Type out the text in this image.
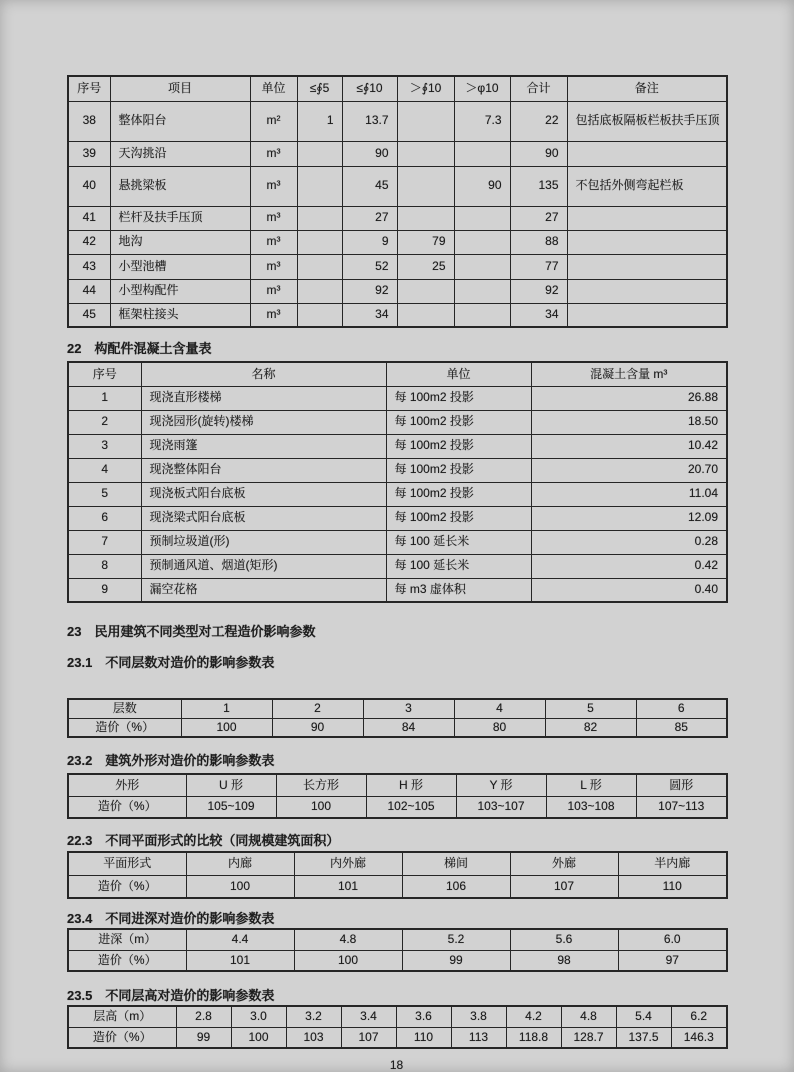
序号	项目	单位	≤∮5	≤∮10	＞∮10	＞φ10	合计	备注
38	整体阳台	m²	1	13.7		7.3	22	包括底板隔板栏板扶手压顶
39	天沟挑沿	m³		90			90	
40	悬挑梁板	m³		45		90	135	不包括外侧弯起栏板
41	栏杆及扶手压顶	m³		27			27	
42	地沟	m³		9	79		88	
43	小型池槽	m³		52	25		77	
44	小型构配件	m³		92			92	
45	框架柱接头	m³		34			34	
22 构配件混凝土含量表
序号	名称	单位	混凝土含量 m³
1	现浇直形楼梯	每 100m2 投影	26.88
2	现浇园形(旋转)楼梯	每 100m2 投影	18.50
3	现浇雨篷	每 100m2 投影	10.42
4	现浇整体阳台	每 100m2 投影	20.70
5	现浇板式阳台底板	每 100m2 投影	11.04
6	现浇梁式阳台底板	每 100m2 投影	12.09
7	预制垃圾道(形)	每 100 延长米	0.28
8	预制通风道、烟道(矩形)	每 100 延长米	0.42
9	漏空花格	每 m3 虚体积	0.40
23 民用建筑不同类型对工程造价影响参数
23.1 不同层数对造价的影响参数表
层数	1	2	3	4	5	6
造价（%）	100	90	84	80	82	85
23.2 建筑外形对造价的影响参数表
外形	U 形	长方形	H 形	Y 形	L 形	圆形
造价（%）	105~109	100	102~105	103~107	103~108	107~113
22.3 不同平面形式的比较（同规模建筑面积）
平面形式	内廊	内外廊	梯间	外廊	半内廊
造价（%）	100	101	106	107	110
23.4 不同进深对造价的影响参数表
进深（m）	4.4	4.8	5.2	5.6	6.0
造价（%）	101	100	99	98	97
23.5 不同层高对造价的影响参数表
层高（m）	2.8	3.0	3.2	3.4	3.6	3.8	4.2	4.8	5.4	6.2
造价（%）	99	100	103	107	110	113	118.8	128.7	137.5	146.3
18
